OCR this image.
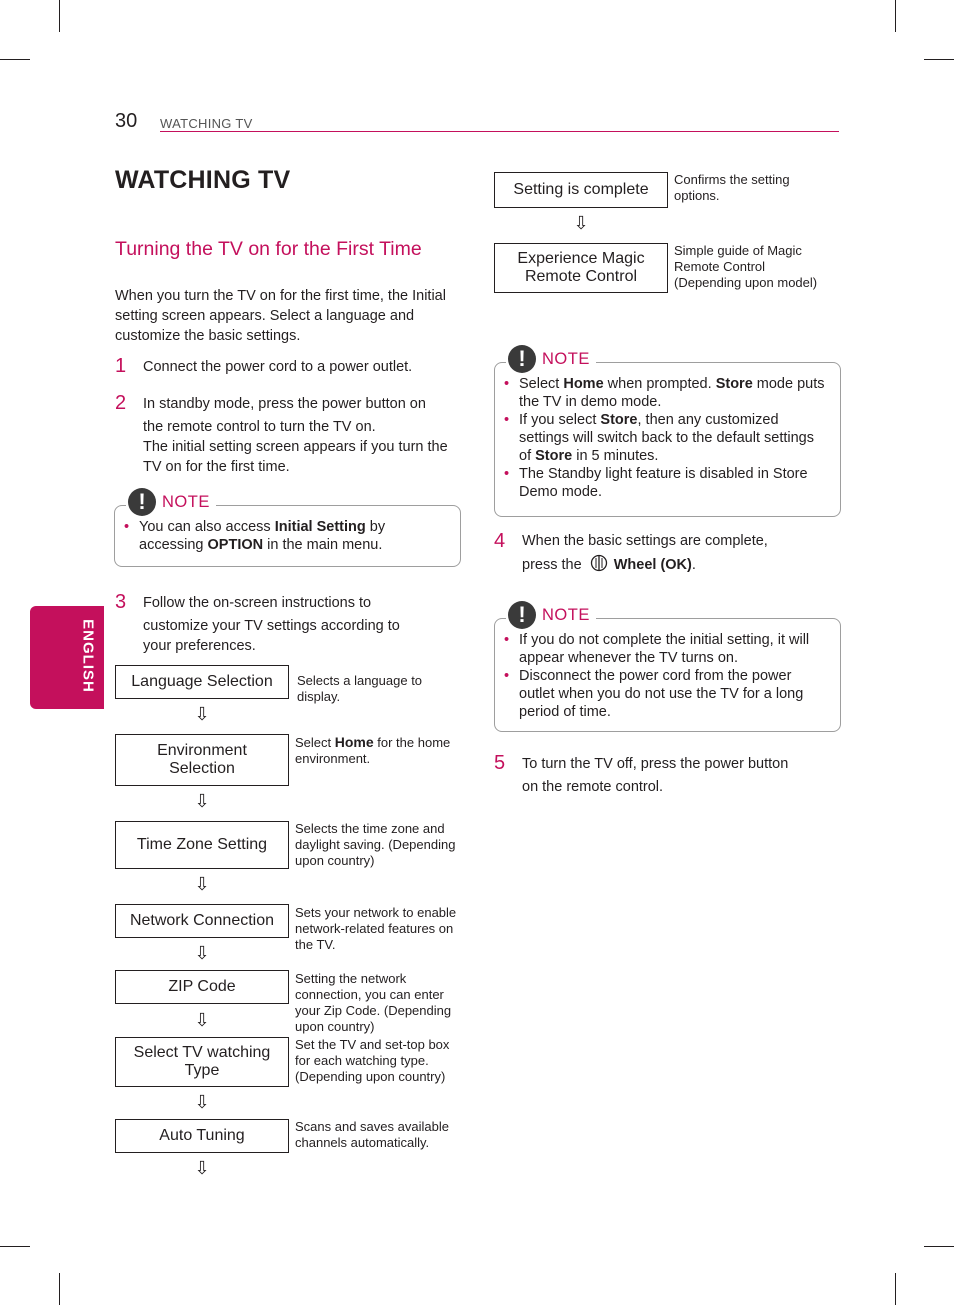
30 WATCHING TV
ENGLISH
WATCHING TV
Turning the TV on for the First Time
When you turn the TV on for the first time, the Initial setting screen appears. Select a language and customize the basic settings.
1 Connect the power cord to a power outlet.
2 In standby mode, press the power button on
the remote control to turn the TV on.
The initial setting screen appears if you turn the TV on for the first time.
! NOTE
• You can also access Initial Setting by accessing OPTION in the main menu.
3 Follow the on-screen instructions to
customize your TV settings according to
your preferences.
Language Selection	Selects a language to display.
⇩
Environment Selection
Select Home for the home environment.
⇩
Time Zone Setting
Selects the time zone and daylight saving. (Depending upon country)
⇩
Network Connection	Sets your network to enable network-related features on the TV.
⇩
ZIP Code	Setting the network connection, you can enter your Zip Code. (Depending upon country)
⇩
Select TV watching Type
Set the TV and set-top box for each watching type. (Depending upon country)
⇩
Auto Tuning
Scans and saves available channels automatically.
⇩
Setting is complete
Confirms the setting options.
⇩
Experience Magic Remote Control
Simple guide of Magic Remote Control (Depending upon model)
! NOTE
• Select Home when prompted. Store mode puts the TV in demo mode.
• If you select Store, then any customized settings will switch back to the default settings of Store in 5 minutes.
• The Standby light feature is disabled in Store Demo mode.
4 When the basic settings are complete,
press the Wheel (OK).
! NOTE
• If you do not complete the initial setting, it will appear whenever the TV turns on.
• Disconnect the power cord from the power outlet when you do not use the TV for a long period of time.
5 To turn the TV off, press the power button
on the remote control.
